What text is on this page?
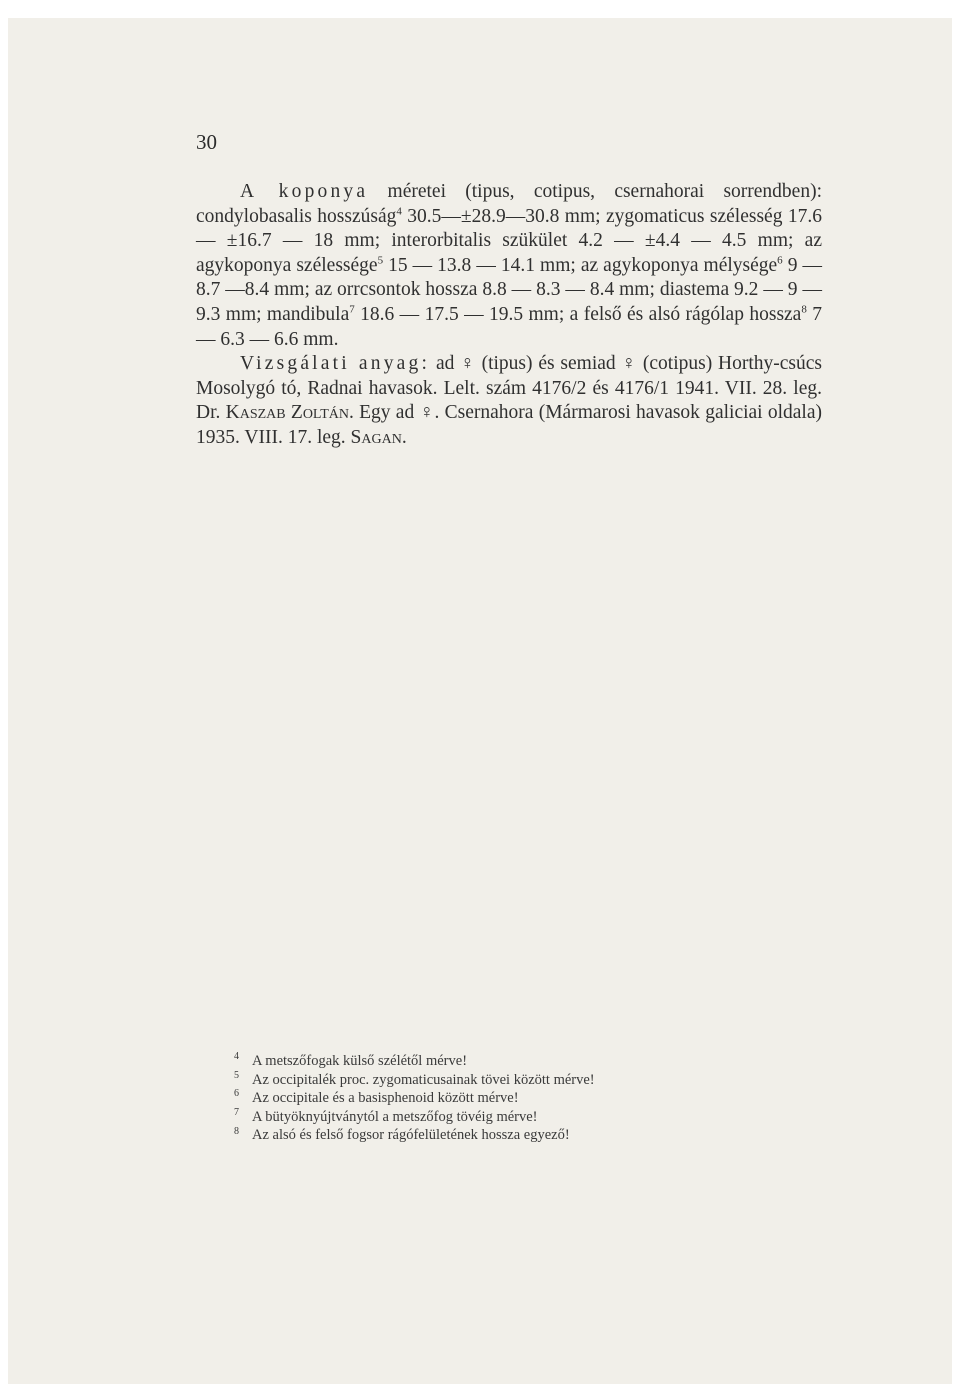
30

A koponya méretei (tipus, cotipus, csernahorai sorrendben): condylobasalis hosszúság$^4$ 30.5—±28.9—30.8 mm; zygomaticus szélesség 17.6 — ±16.7 — 18 mm; interorbitalis szükület 4.2 — ±4.4 — 4.5 mm; az agykoponya szélessége$^5$ 15 — 13.8 — 14.1 mm; az agykoponya mélysége$^6$ 9 — 8.7 —8.4 mm; az orrcsontok hossza 8.8 — 8.3 — 8.4 mm; diastema 9.2 — 9 — 9.3 mm; mandibula$^7$ 18.6 — 17.5 — 19.5 mm; a felső és alsó rágólap hossza$^8$ 7 — 6.3 — 6.6 mm.

Vizsgálati anyag: ad ♀ (tipus) és semiad ♀ (cotipus) Horthy-csúcs Mosolygó tó, Radnai havasok. Lelt. szám 4176/2 és 4176/1 1941. VII. 28. leg. Dr. Kaszab Zoltán. Egy ad ♀. Csernahora (Mármarosi havasok galiciai oldala) 1935. VIII. 17. leg. Sagan.

4 A metszőfogak külső szélétől mérve!
5 Az occipitalék proc. zygomaticusainak tövei között mérve!
6 Az occipitale és a basisphenoid között mérve!
7 A bütyöknyújtványtól a metszőfog tövéig mérve!
8 Az alsó és felső fogsor rágófelületének hossza egyező!
